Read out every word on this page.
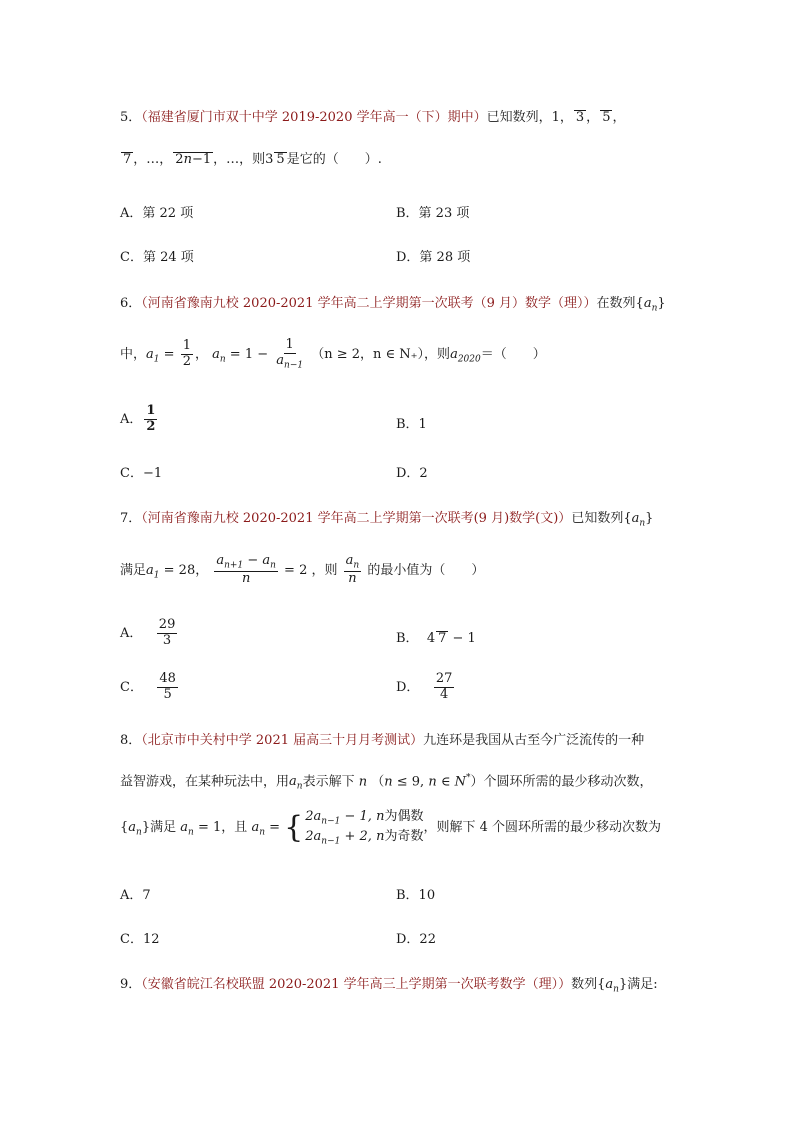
5．（福建省厦门市双十中学 2019-2020 学年高一（下）期中）已知数列，1， 3 ， 5 ，
7 ，…， 2n−1 ，…，则3 5 是它的（　　）.
A．第 22 项	B．第 23 项
C．第 24 项	D．第 28 项
6．（河南省豫南九校 2020-2021 学年高二上学期第一次联考（9 月）数学（理））在数列$\{a_n\}$
中，$a_1 = \frac{1}{2}$ ， $a_n = 1 - \frac{1}{a_{n-1}} (n \ge 2$，n ∈ N₊），则$a_{2020}=$（　　）
A． $\frac{1}{2}$	B．1
C．−1	D．2
7．（河南省豫南九校 2020-2021 学年高二上学期第一次联考(9 月)数学(文)）已知数列$\{a_n\}$
满足$a_1 = 28$， $\frac{a_{n+1} - a_n}{n} = 2$ ，则 $\frac{a_n}{n}$ 的最小值为（　　）
A． $\frac{29}{3}$	B．  4 7 − 1
C． $\frac{48}{5}$	D． $\frac{27}{4}$
8．（北京市中关村中学 2021 届高三十月月考测试）九连环是我国从古至今广泛流传的一种
益智游戏，在某种玩法中，用$a_n$表示解下 n （n ≤ 9, n ∈ N*）个圆环所需的最少移动次数，
$\{a_n\}$满足 $a_n = 1$，且 $a_n$ = { $2a_{n-1} - 1$, n为偶数
$2a_{n-1} + 2$, n为奇数
，则解下 4 个圆环所需的最少移动次数为
A．7	B．10
C．12	D．22
9．（安徽省皖江名校联盟 2020-2021 学年高三上学期第一次联考数学（理））数列$\{a_n\}$满足:
